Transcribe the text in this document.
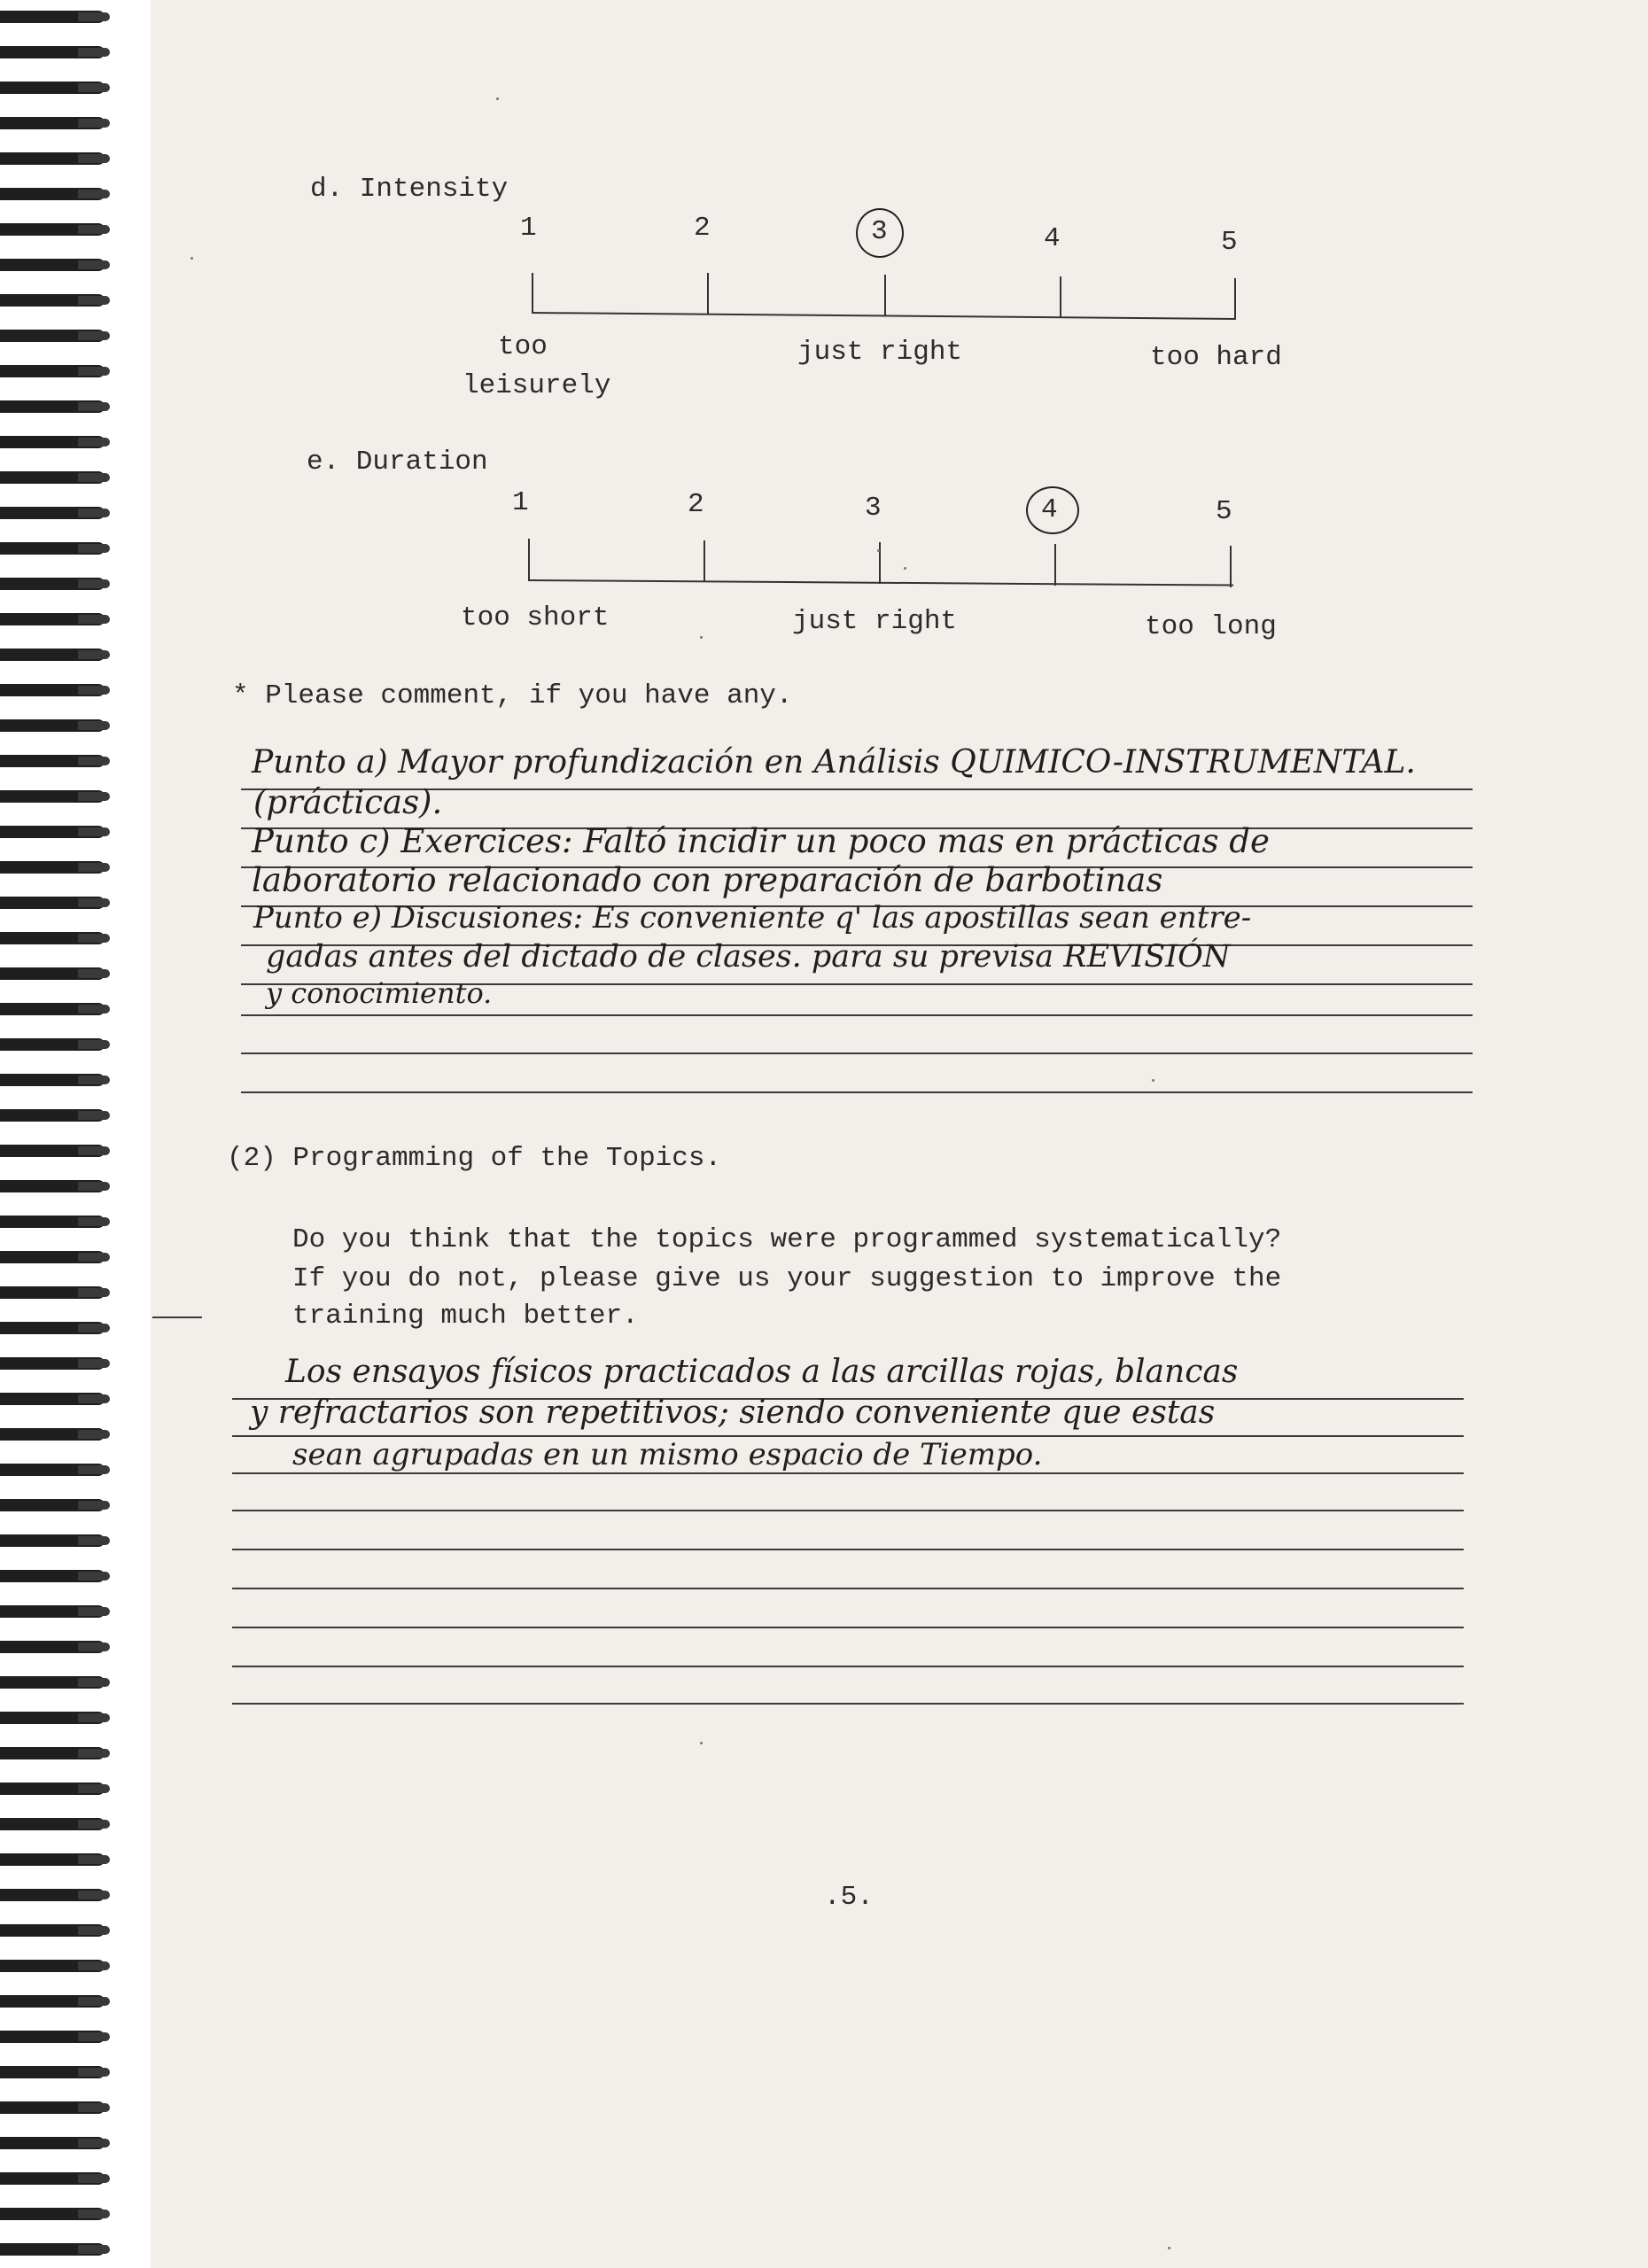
d. Intensity
1	2	3	4	5
too
leisurely
just right	too hard
e. Duration
1	2	3	4	5
too short	just right	too long
* Please comment, if you have any.
Punto a) Mayor profundización en Análisis QUIMICO-INSTRUMENTAL.
(prácticas).
Punto c) Exercices: Faltó incidir un poco mas en prácticas de
laboratorio relacionado con preparación de barbotinas
Punto e) Discusiones: Es conveniente q' las apostillas sean entre-
gadas antes del dictado de clases. para su previsa REVISIÓN
y conocimiento.
(2) Programming of the Topics.
Do you think that the topics were programmed systematically?
If you do not, please give us your suggestion to improve the
training much better.
Los ensayos físicos practicados a las arcillas rojas, blancas
y refractarios son repetitivos; siendo conveniente que estas
sean agrupadas en un mismo espacio de Tiempo.
.5.
